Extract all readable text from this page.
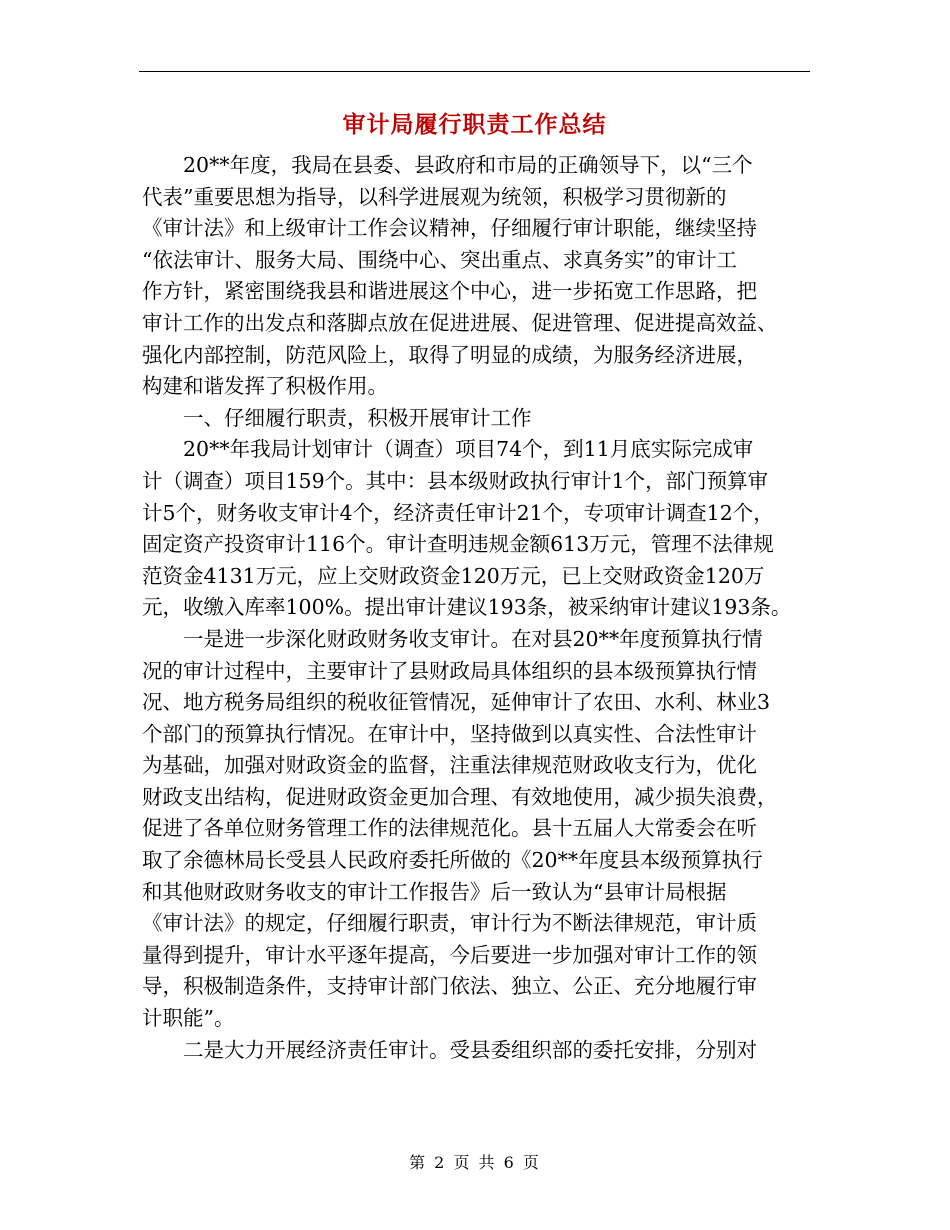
审计局履行职责工作总结
　　20**年度，我局在县委、县政府和市局的正确领导下，以“三个
代表”重要思想为指导，以科学进展观为统领，积极学习贯彻新的
《审计法》和上级审计工作会议精神，仔细履行审计职能，继续坚持
“依法审计、服务大局、围绕中心、突出重点、求真务实”的审计工
作方针，紧密围绕我县和谐进展这个中心，进一步拓宽工作思路，把
审计工作的出发点和落脚点放在促进进展、促进管理、促进提高效益、
强化内部控制，防范风险上，取得了明显的成绩，为服务经济进展，
构建和谐发挥了积极作用。
　　一、仔细履行职责，积极开展审计工作
　　20**年我局计划审计（调查）项目74个，到11月底实际完成审
计（调查）项目159个。其中：县本级财政执行审计1个，部门预算审
计5个，财务收支审计4个，经济责任审计21个，专项审计调查12个，
固定资产投资审计116个。审计查明违规金额613万元，管理不法律规
范资金4131万元，应上交财政资金120万元，已上交财政资金120万
元，收缴入库率100%。提出审计建议193条，被采纳审计建议193条。
　　一是进一步深化财政财务收支审计。在对县20**年度预算执行情
况的审计过程中，主要审计了县财政局具体组织的县本级预算执行情
况、地方税务局组织的税收征管情况，延伸审计了农田、水利、林业3
个部门的预算执行情况。在审计中，坚持做到以真实性、合法性审计
为基础，加强对财政资金的监督，注重法律规范财政收支行为，优化
财政支出结构，促进财政资金更加合理、有效地使用，减少损失浪费，
促进了各单位财务管理工作的法律规范化。县十五届人大常委会在听
取了余德林局长受县人民政府委托所做的《20**年度县本级预算执行
和其他财政财务收支的审计工作报告》后一致认为“县审计局根据
《审计法》的规定，仔细履行职责，审计行为不断法律规范，审计质
量得到提升，审计水平逐年提高，今后要进一步加强对审计工作的领
导，积极制造条件，支持审计部门依法、独立、公正、充分地履行审
计职能”。
　　二是大力开展经济责任审计。受县委组织部的委托安排，分别对
第 2 页 共 6 页
